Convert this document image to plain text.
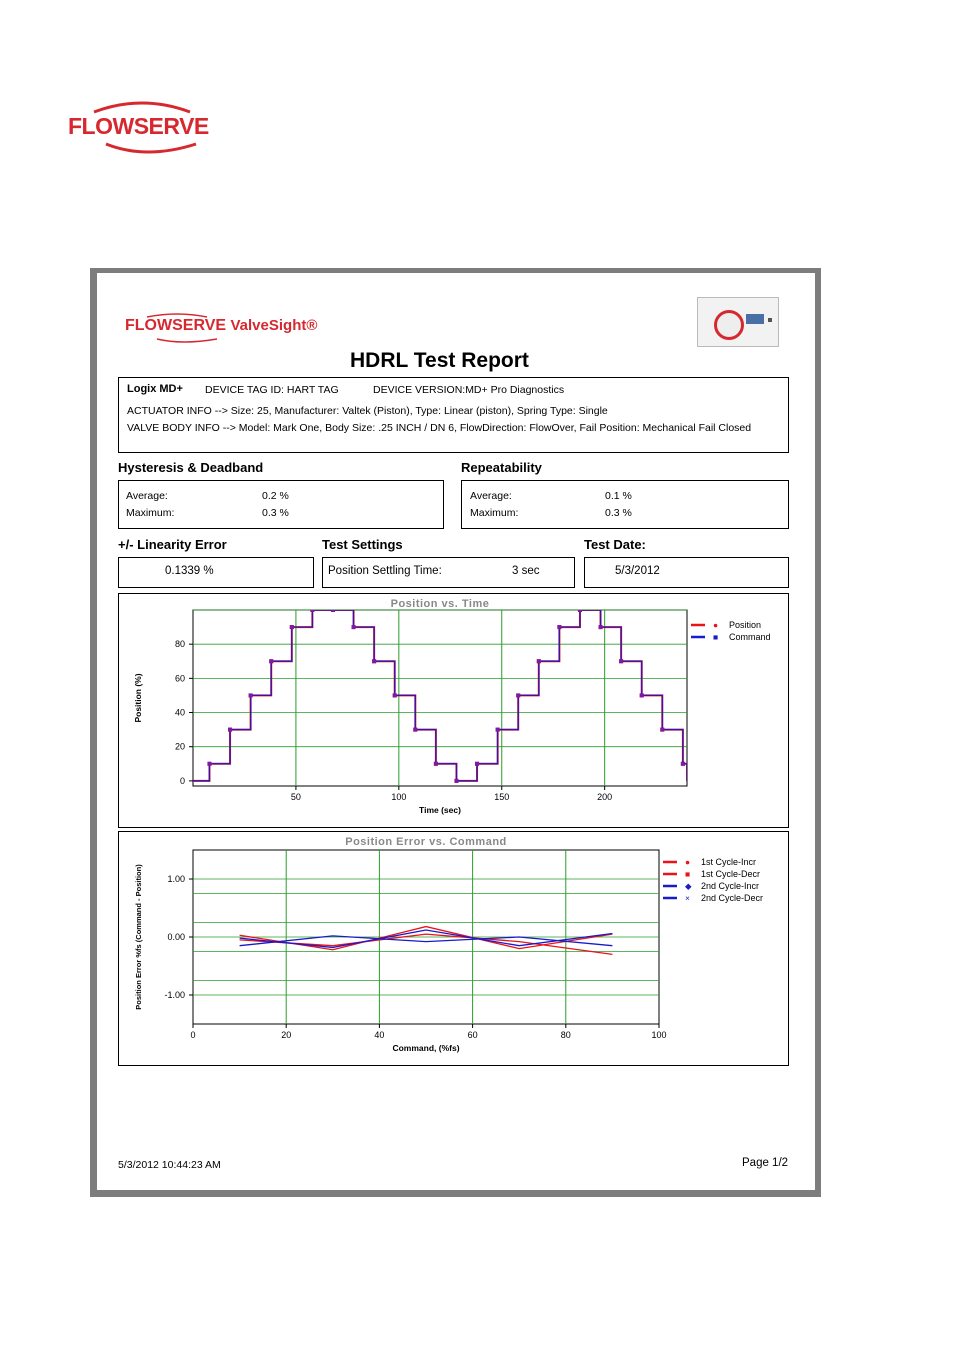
FLOWSERVE
FLOWSERVE ValveSight®
HDRL Test Report
Logix MD+ DEVICE TAG ID: HART TAG	DEVICE VERSION:MD+ Pro Diagnostics
ACTUATOR INFO --> Size: 25, Manufacturer: Valtek (Piston), Type: Linear (piston), Spring Type: Single
VALVE BODY INFO --> Model: Mark One, Body Size: .25 INCH / DN 6, FlowDirection: FlowOver, Fail Position: Mechanical Fail Closed
Hysteresis & Deadband
Average:	0.2 %
Maximum:	0.3 %
Repeatability
Average:	0.1 %
Maximum:	0.3 %
+/- Linearity Error
0.1339 %
Test Settings
Position Settling Time:	3 sec
Test Date:
5/3/2012
Position vs. Time
50	100	150	200
0
20
40
60
80
Time (sec)
Position (%)
● Position
■ Command
Position Error vs. Command
0	20	40	60	80	100
1.00
0.00
-1.00
Command, (%fs)
Position Error %fs (Command - Position)
● 1st Cycle-Incr
■ 1st Cycle-Decr
◆ 2nd Cycle-Incr
× 2nd Cycle-Decr
5/3/2012 10:44:23 AM	Page 1/2
